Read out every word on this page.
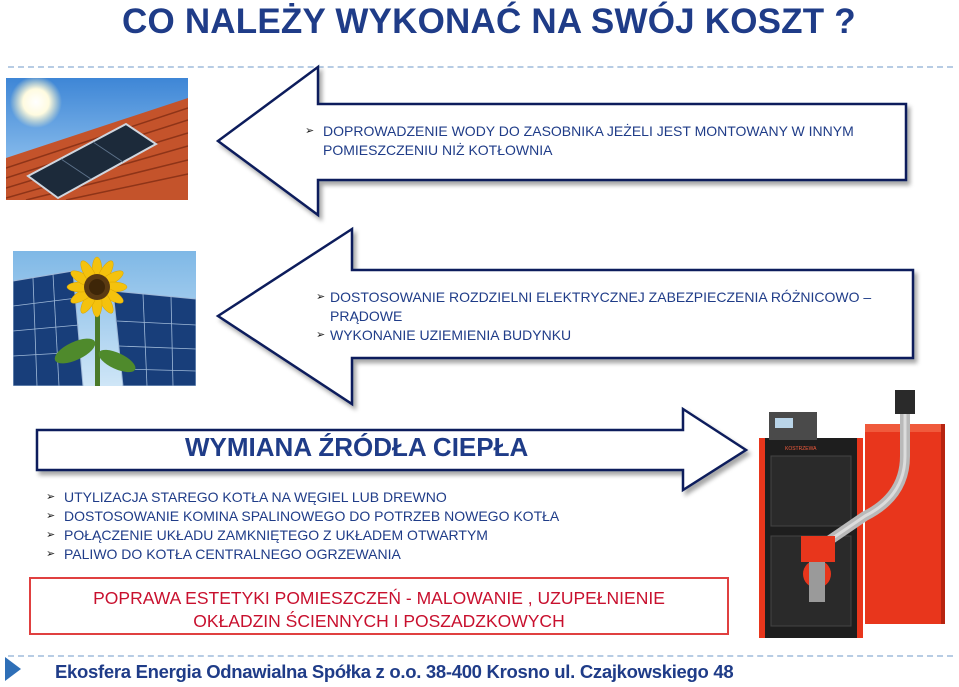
CO NALEŻY WYKONAĆ NA SWÓJ KOSZT ?
KOSTRZEWA
➢ DOPROWADZENIE WODY DO ZASOBNIKA JEŻELI JEST MONTOWANY W INNYM POMIESZCZENIU NIŻ KOTŁOWNIA
➢ DOSTOSOWANIE ROZDZIELNI ELEKTRYCZNEJ ZABEZPIECZENIA RÓŻNICOWO – PRĄDOWE
➢ WYKONANIE UZIEMIENIA BUDYNKU
WYMIANA ŹRÓDŁA CIEPŁA
➢ UTYLIZACJA STAREGO KOTŁA NA WĘGIEL LUB DREWNO
➢ DOSTOSOWANIE KOMINA SPALINOWEGO DO POTRZEB NOWEGO KOTŁA
➢ POŁĄCZENIE UKŁADU ZAMKNIĘTEGO Z UKŁADEM OTWARTYM
➢ PALIWO DO KOTŁA CENTRALNEGO OGRZEWANIA

POPRAWA ESTETYKI POMIESZCZEŃ - MALOWANIE , UZUPEŁNIENIE

OKŁADZIN ŚCIENNYCH I POSZADZKOWYCH

Ekosfera Energia Odnawialna Spółka z o.o. 38-400 Krosno ul. Czajkowskiego 48
